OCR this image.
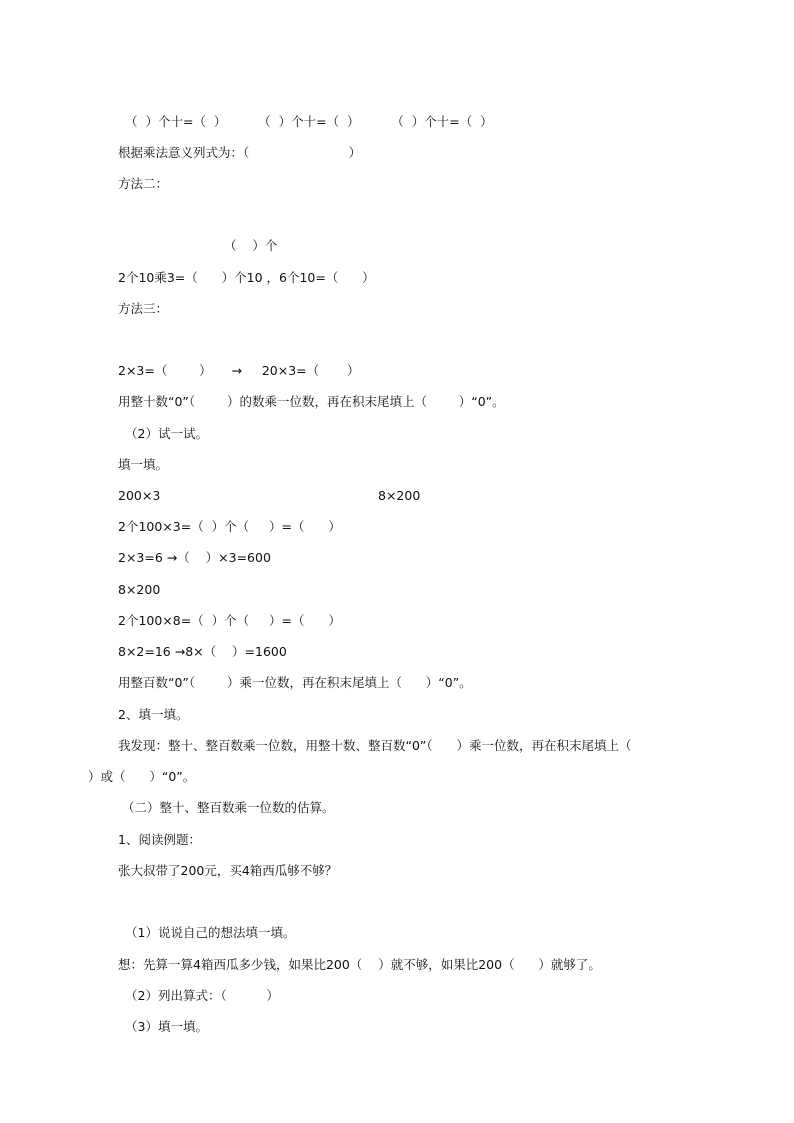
（  ）个十=（  ）        （  ）个十=（  ）        （  ）个十=（  ）
根据乘法意义列式为：（                         ）
方法二：
（    ）个
2个10乘3=（      ）个10 ，6个10=（      ）
方法三：
2×3=（        ）     →     20×3=（       ）
用整十数“0”（        ）的数乘一位数，再在积末尾填上（        ）“0”。
（2）试一试。
填一填。
200×3	8×200
2个100×3=（  ）个（     ）=（      ）
2×3=6 →（    ）×3=600
8×200
2个100×8=（  ）个（     ）=（      ）
8×2=16 →8×（    ）=1600
用整百数“0”（        ）乘一位数，再在积末尾填上（      ）“0”。
2、填一填。
我发现：整十、整百数乘一位数，用整十数、整百数“0”（      ）乘一位数，再在积末尾填上（
）或（      ）“0”。
（二）整十、整百数乘一位数的估算。
1、阅读例题：
张大叔带了200元，买4箱西瓜够不够？
（1）说说自己的想法填一填。
想：先算一算4箱西瓜多少钱，如果比200（    ）就不够，如果比200（      ）就够了。
（2）列出算式：（          ）
（3）填一填。
